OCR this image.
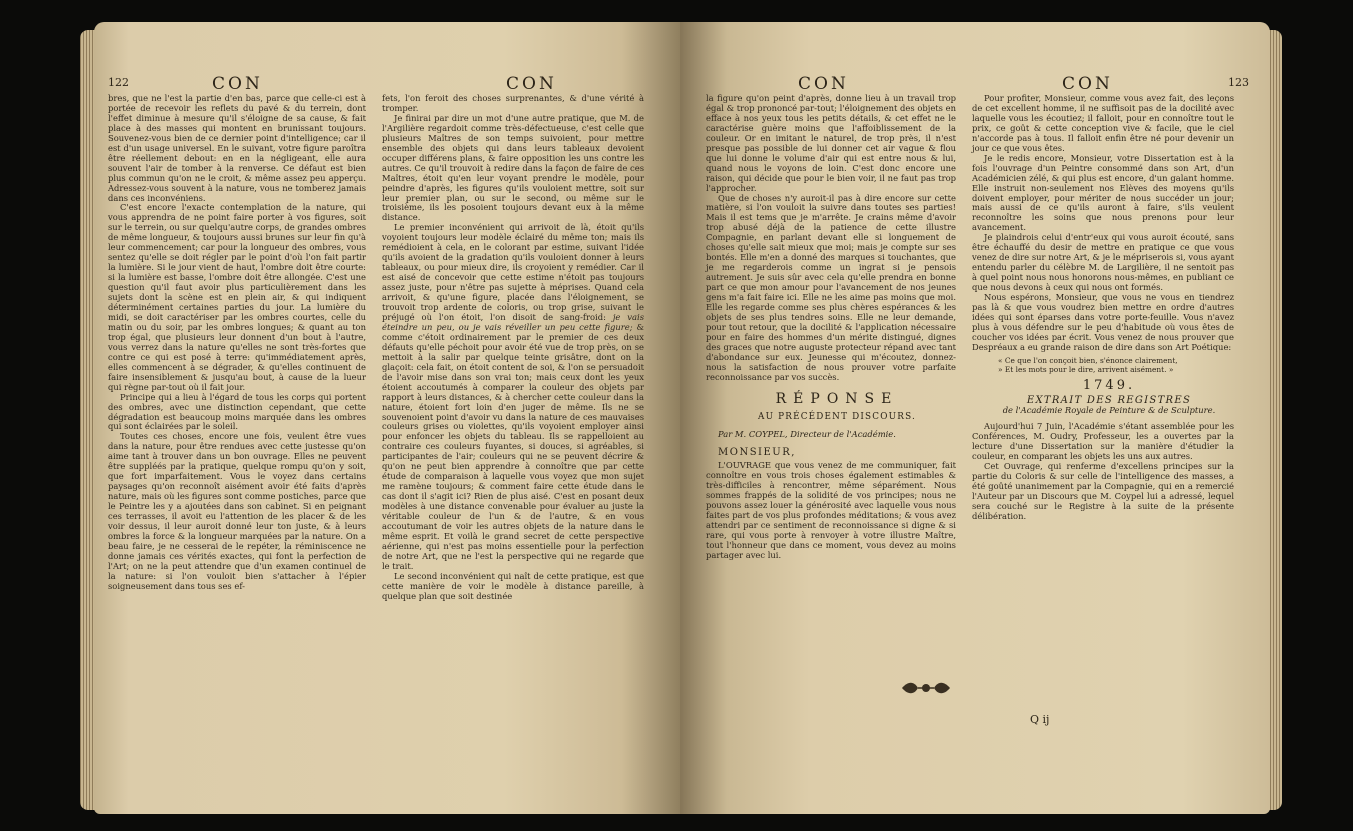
122	CON	CON

bres, que ne l'est la partie d'en bas, parce que celle-ci est à portée de recevoir les reflets du pavé & du terrein, dont l'effet diminue à mesure qu'il s'éloigne de sa cause, & fait place à des masses qui montent en brunissant toujours. Souvenez-vous bien de ce dernier point d'intelligence; car il est d'un usage universel. En le suivant, votre figure paroîtra être réellement debout: en en la négligeant, elle aura souvent l'air de tomber à la renverse. Ce défaut est bien plus commun qu'on ne le croit, & même assez peu apperçu. Adressez-vous souvent à la nature, vous ne tomberez jamais dans ces inconvéniens.

C'est encore l'exacte contemplation de la nature, qui vous apprendra de ne point faire porter à vos figures, soit sur le terrein, ou sur quelqu'autre corps, de grandes ombres de même longueur, & toujours aussi brunes sur leur fin qu'à leur commencement; car pour la longueur des ombres, vous sentez qu'elle se doit régler par le point d'où l'on fait partir la lumière. Si le jour vient de haut, l'ombre doit être courte: si la lumière est basse, l'ombre doit être allongée. C'est une question qu'il faut avoir plus particulièrement dans les sujets dont la scène est en plein air, & qui indiquent déterminément certaines parties du jour. La lumière du midi, se doit caractériser par les ombres courtes, celle du matin ou du soir, par les ombres longues; & quant au ton trop égal, que plusieurs leur donnent d'un bout à l'autre, vous verrez dans la nature qu'elles ne sont très-fortes que contre ce qui est posé à terre: qu'immédiatement après, elles commencent à se dégrader, & qu'elles continuent de faire insensiblement & jusqu'au bout, à cause de la lueur qui règne par-tout où il fait jour.

Principe qui a lieu à l'égard de tous les corps qui portent des ombres, avec une distinction cependant, que cette dégradation est beaucoup moins marquée dans les ombres qui sont éclairées par le soleil.

Toutes ces choses, encore une fois, veulent être vues dans la nature, pour être rendues avec cette justesse qu'on aime tant à trouver dans un bon ouvrage. Elles ne peuvent être suppléés par la pratique, quelque rompu qu'on y soit, que fort imparfaitement. Vous le voyez dans certains paysages qu'on reconnoît aisément avoir été faits d'après nature, mais où les figures sont comme postiches, parce que le Peintre les y a ajoutées dans son cabinet. Si en peignant ces terrasses, il avoit eu l'attention de les placer & de les voir dessus, il leur auroit donné leur ton juste, & à leurs ombres la force & la longueur marquées par la nature. On a beau faire, je ne cesserai de le repéter, la réminiscence ne donne jamais ces vérités exactes, qui font la perfection de l'Art; on ne la peut attendre que d'un examen continuel de la nature: si l'on vouloit bien s'attacher à l'épier soigneusement dans tous ses ef-

fets, l'on feroit des choses surprenantes, & d'une vérité à tromper.

Je finirai par dire un mot d'une autre pratique, que M. de l'Argilière regardoit comme très-défectueuse, c'est celle que plusieurs Maîtres de son temps suivoient, pour mettre ensemble des objets qui dans leurs tableaux devoient occuper différens plans, & faire opposition les uns contre les autres. Ce qu'il trouvoit à redire dans la façon de faire de ces Maîtres, étoit qu'en leur voyant prendre le modèle, pour peindre d'après, les figures qu'ils vouloient mettre, soit sur leur premier plan, ou sur le second, ou même sur le troisième, ils les posoient toujours devant eux à la même distance.

Le premier inconvénient qui arrivoit de là, étoit qu'ils voyoient toujours leur modèle éclairé du même ton; mais ils remédioient à cela, en le colorant par estime, suivant l'idée qu'ils avoient de la gradation qu'ils vouloient donner à leurs tableaux, ou pour mieux dire, ils croyoient y remédier. Car il est aisé de concevoir que cette estime n'étoit pas toujours assez juste, pour n'être pas sujette à méprises. Quand cela arrivoit, & qu'une figure, placée dans l'éloignement, se trouvoit trop ardente de coloris, ou trop grise, suivant le préjugé où l'on étoit, l'on disoit de sang-froid: je vais éteindre un peu, ou je vais réveiller un peu cette figure; & comme c'étoit ordinairement par le premier de ces deux défauts qu'elle péchoit pour avoir été vue de trop près, on se mettoit à la salir par quelque teinte grisâtre, dont on la glaçoit: cela fait, on étoit content de soi, & l'on se persuadoit de l'avoir mise dans son vrai ton; mais ceux dont les yeux étoient accoutumés à comparer la couleur des objets par rapport à leurs distances, & à chercher cette couleur dans la nature, étoient fort loin d'en juger de même. Ils ne se souvenoient point d'avoir vu dans la nature de ces mauvaises couleurs grises ou violettes, qu'ils voyoient employer ainsi pour enfoncer les objets du tableau. Ils se rappelloient au contraire ces couleurs fuyantes, si douces, si agréables, si participantes de l'air; couleurs qui ne se peuvent décrire & qu'on ne peut bien apprendre à connoître que par cette étude de comparaison à laquelle vous voyez que mon sujet me ramène toujours; & comment faire cette étude dans le cas dont il s'agit ici? Rien de plus aisé. C'est en posant deux modèles à une distance convenable pour évaluer au juste la véritable couleur de l'un & de l'autre, & en vous accoutumant de voir les autres objets de la nature dans le même esprit. Et voilà le grand secret de cette perspective aérienne, qui n'est pas moins essentielle pour la perfection de notre Art, que ne l'est la perspective qui ne regarde que le trait.

Le second inconvénient qui naît de cette pratique, est que cette manière de voir le modèle à distance pareille, à quelque plan que soit destinée

CON	CON	123

la figure qu'on peint d'après, donne lieu à un travail trop égal & trop prononcé par-tout; l'éloignement des objets en efface à nos yeux tous les petits détails, & cet effet ne le caractérise guère moins que l'affoiblissement de la couleur. Or en imitant le naturel, de trop près, il n'est presque pas possible de lui donner cet air vague & flou que lui donne le volume d'air qui est entre nous & lui, quand nous le voyons de loin. C'est donc encore une raison, qui décide que pour le bien voir, il ne faut pas trop l'approcher.

Que de choses n'y auroit-il pas à dire encore sur cette matière, si l'on vouloit la suivre dans toutes ses parties! Mais il est tems que je m'arrête. Je crains même d'avoir trop abusé déjà de la patience de cette illustre Compagnie, en parlant devant elle si longuement de choses qu'elle sait mieux que moi; mais je compte sur ses bontés. Elle m'en a donné des marques si touchantes, que je me regarderois comme un ingrat si je pensois autrement. Je suis sûr avec cela qu'elle prendra en bonne part ce que mon amour pour l'avancement de nos jeunes gens m'a fait faire ici. Elle ne les aime pas moins que moi. Elle les regarde comme ses plus chères espérances & les objets de ses plus tendres soins. Elle ne leur demande, pour tout retour, que la docilité & l'application nécessaire pour en faire des hommes d'un mérite distingué, dignes des graces que notre auguste protecteur répand avec tant d'abondance sur eux. Jeunesse qui m'écoutez, donnez-nous la satisfaction de nous prouver votre parfaite reconnoissance par vos succès.

RÉPONSE

AU PRÉCÉDENT DISCOURS.

Par M. COYPEL, Directeur de l'Académie.

MONSIEUR,

L'OUVRAGE que vous venez de me communiquer, fait connoître en vous trois choses également estimables & très-difficiles à rencontrer, même séparément. Nous sommes frappés de la solidité de vos principes; nous ne pouvons assez louer la générosité avec laquelle vous nous faites part de vos plus profondes méditations; & vous avez attendri par ce sentiment de reconnoissance si digne & si rare, qui vous porte à renvoyer à votre illustre Maître, tout l'honneur que dans ce moment, vous devez au moins partager avec lui.

Pour profiter, Monsieur, comme vous avez fait, des leçons de cet excellent homme, il ne suffisoit pas de la docilité avec laquelle vous les écoutiez; il falloit, pour en connoître tout le prix, ce goût & cette conception vive & facile, que le ciel n'accorde pas à tous. Il falloit enfin être né pour devenir un jour ce que vous êtes.

Je le redis encore, Monsieur, votre Dissertation est à la fois l'ouvrage d'un Peintre consommé dans son Art, d'un Académicien zélé, & qui plus est encore, d'un galant homme. Elle instruit non-seulement nos Elèves des moyens qu'ils doivent employer, pour mériter de nous succéder un jour; mais aussi de ce qu'ils auront à faire, s'ils veulent reconnoître les soins que nous prenons pour leur avancement.

Je plaindrois celui d'entr'eux qui vous auroit écouté, sans être échauffé du desir de mettre en pratique ce que vous venez de dire sur notre Art, & je le mépriserois si, vous ayant entendu parler du célèbre M. de Largilière, il ne sentoit pas à quel point nous nous honorons nous-mêmes, en publiant ce que nous devons à ceux qui nous ont formés.

Nous espérons, Monsieur, que vous ne vous en tiendrez pas là & que vous voudrez bien mettre en ordre d'autres idées qui sont éparses dans votre porte-feuille. Vous n'avez plus à vous défendre sur le peu d'habitude où vous êtes de coucher vos idées par écrit. Vous venez de nous prouver que Despréaux a eu grande raison de dire dans son Art Poétique:

« Ce que l'on conçoit bien, s'énonce clairement,

» Et les mots pour le dire, arrivent aisément. »

1749.

EXTRAIT DES REGISTRES

de l'Académie Royale de Peinture & de Sculpture.

Aujourd'hui 7 Juin, l'Académie s'étant assemblée pour les Conférences, M. Oudry, Professeur, les a ouvertes par la lecture d'une Dissertation sur la manière d'étudier la couleur, en comparant les objets les uns aux autres.

Cet Ouvrage, qui renferme d'excellens principes sur la partie du Coloris & sur celle de l'intelligence des masses, a été goûté unanimement par la Compagnie, qui en a remercié l'Auteur par un Discours que M. Coypel lui a adressé, lequel sera couché sur le Registre à la suite de la présente délibération.

Q ij
